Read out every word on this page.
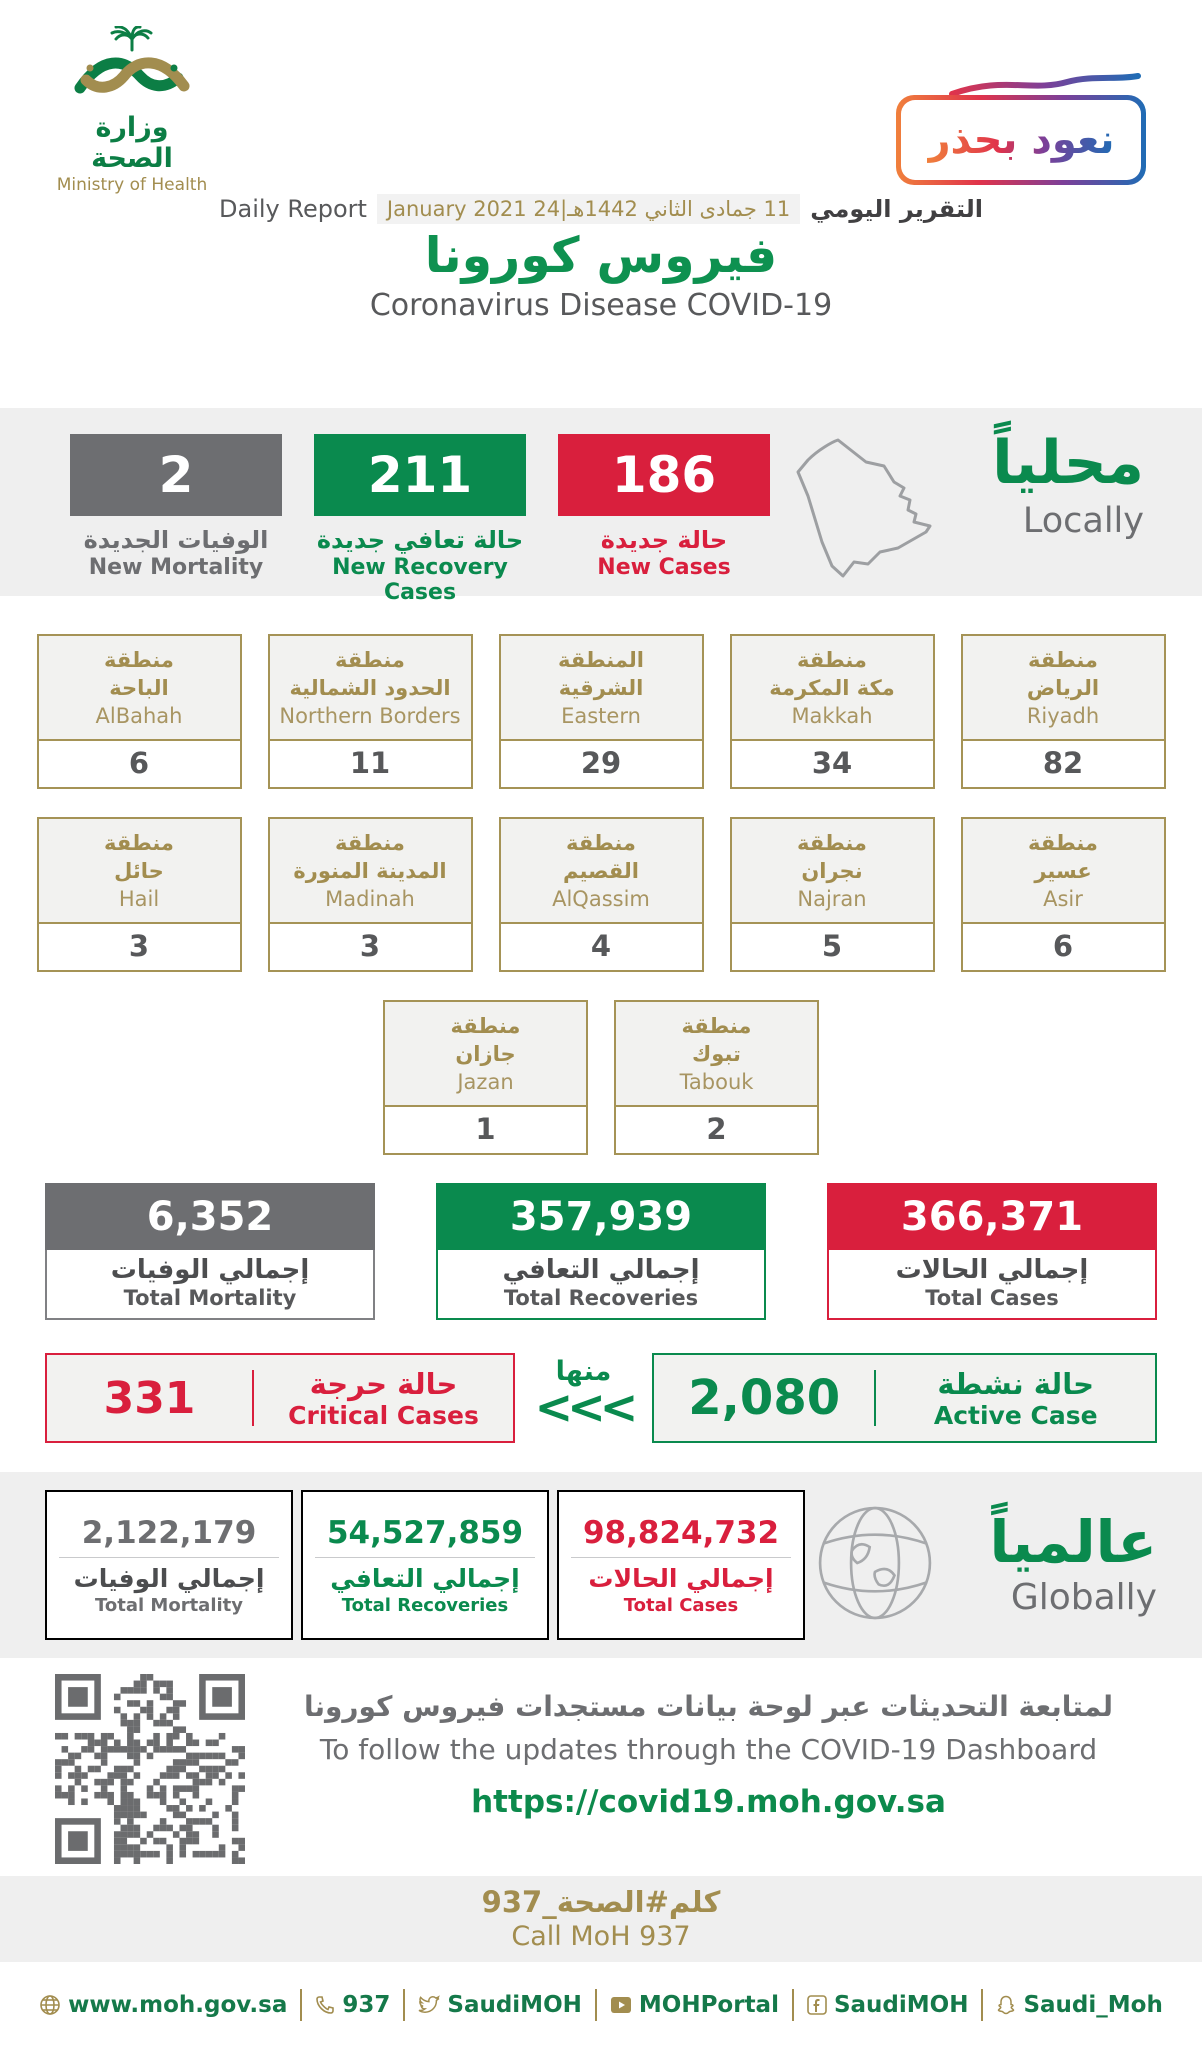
وزارة الصحة
Ministry of Health
نعود بحذر
Daily Report 11 جمادى الثاني 1442هـ|24 January 2021 التقرير اليومي
فيروس كورونا
Coronavirus Disease COVID-19
2
الوفيات الجديدة
New Mortality
211
حالة تعافي جديدة
New Recovery Cases
186
حالة جديدة
New Cases
محلياً
Locally
منطقة
الباحة
AlBahah
6
منطقة
الحدود الشمالية
Northern Borders
11
المنطقة
الشرقية
Eastern
29
منطقة
مكة المكرمة
Makkah
34
منطقة
الرياض
Riyadh
82
منطقة
حائل
Hail
3
منطقة
المدينة المنورة
Madinah
3
منطقة
القصيم
AlQassim
4
منطقة
نجران
Najran
5
منطقة
عسير
Asir
6
منطقة
جازان
Jazan
1
منطقة
تبوك
Tabouk
2
6,352
إجمالي الوفيات
Total Mortality
357,939
إجمالي التعافي
Total Recoveries
366,371
إجمالي الحالات
Total Cases
331	حالة حرجة
Critical Cases
منها
<<<	2,080	حالة نشطة
Active Case
2,122,179
إجمالي الوفيات
Total Mortality
54,527,859
إجمالي التعافي
Total Recoveries
98,824,732
إجمالي الحالات
Total Cases
عالمياً
Globally
لمتابعة التحديثات عبر لوحة بيانات مستجدات فيروس كورونا
To follow the updates through the COVID-19 Dashboard
https://covid19.moh.gov.sa
كلم#الصحة_937
Call MoH 937
www.moh.gov.sa 937 SaudiMOH MOHPortal SaudiMOH Saudi_Moh
